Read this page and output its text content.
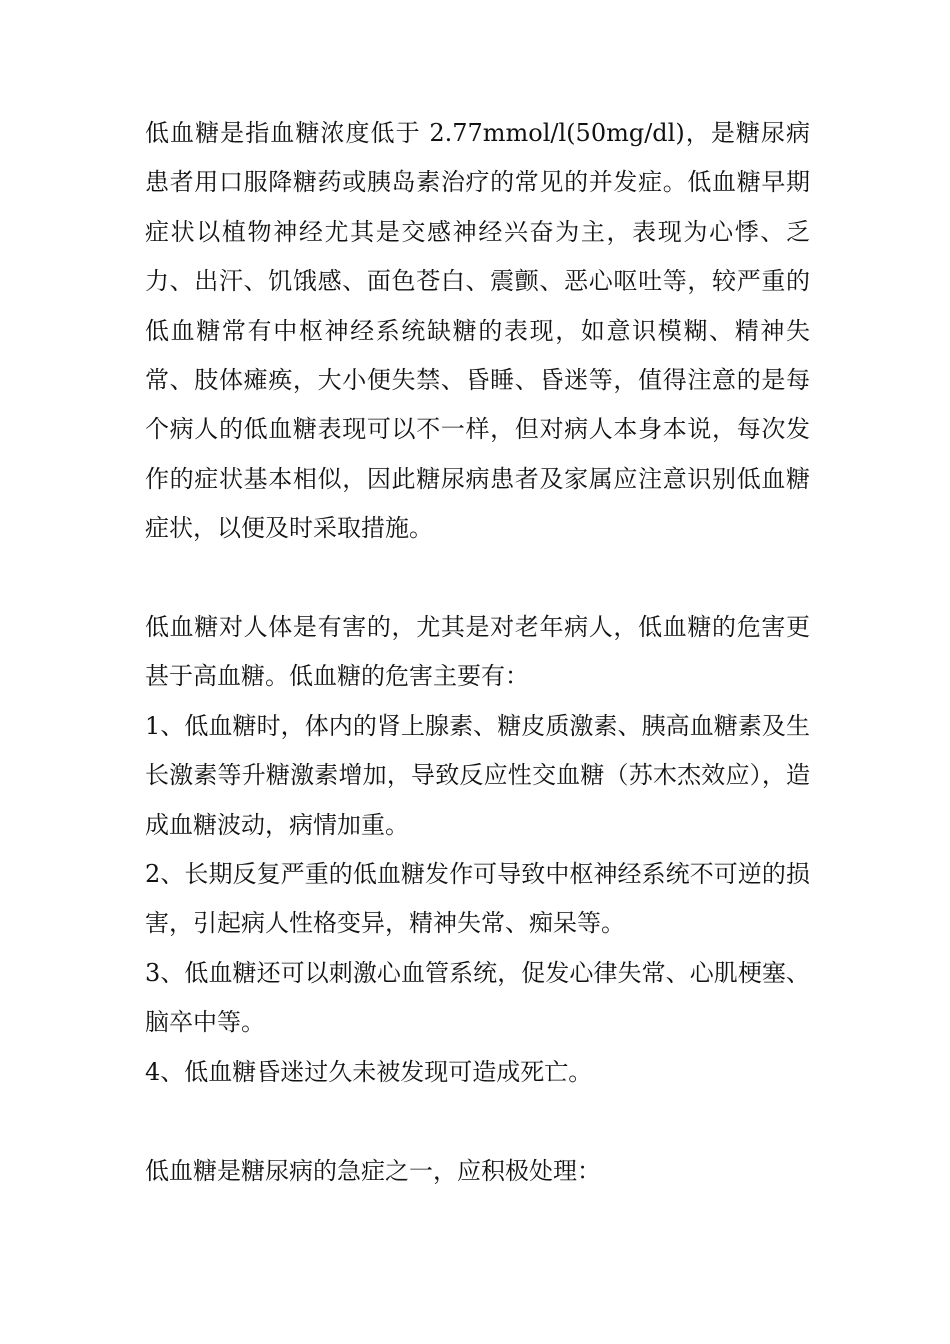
低血糖是指血糖浓度低于 2.77mmol/l(50mg/dl)，是糖尿病患者用口服降糖药或胰岛素治疗的常见的并发症。低血糖早期症状以植物神经尤其是交感神经兴奋为主，表现为心悸、乏力、出汗、饥饿感、面色苍白、震颤、恶心呕吐等，较严重的低血糖常有中枢神经系统缺糖的表现，如意识模糊、精神失常、肢体瘫痪，大小便失禁、昏睡、昏迷等，值得注意的是每个病人的低血糖表现可以不一样，但对病人本身本说，每次发作的症状基本相似，因此糖尿病患者及家属应注意识别低血糖症状，以便及时采取措施。

低血糖对人体是有害的，尤其是对老年病人，低血糖的危害更甚于高血糖。低血糖的危害主要有：

1、低血糖时，体内的肾上腺素、糖皮质激素、胰高血糖素及生长激素等升糖激素增加，导致反应性交血糖（苏木杰效应），造成血糖波动，病情加重。

2、长期反复严重的低血糖发作可导致中枢神经系统不可逆的损害，引起病人性格变异，精神失常、痴呆等。

3、低血糖还可以刺激心血管系统，促发心律失常、心肌梗塞、脑卒中等。

4、低血糖昏迷过久未被发现可造成死亡。

低血糖是糖尿病的急症之一，应积极处理：
